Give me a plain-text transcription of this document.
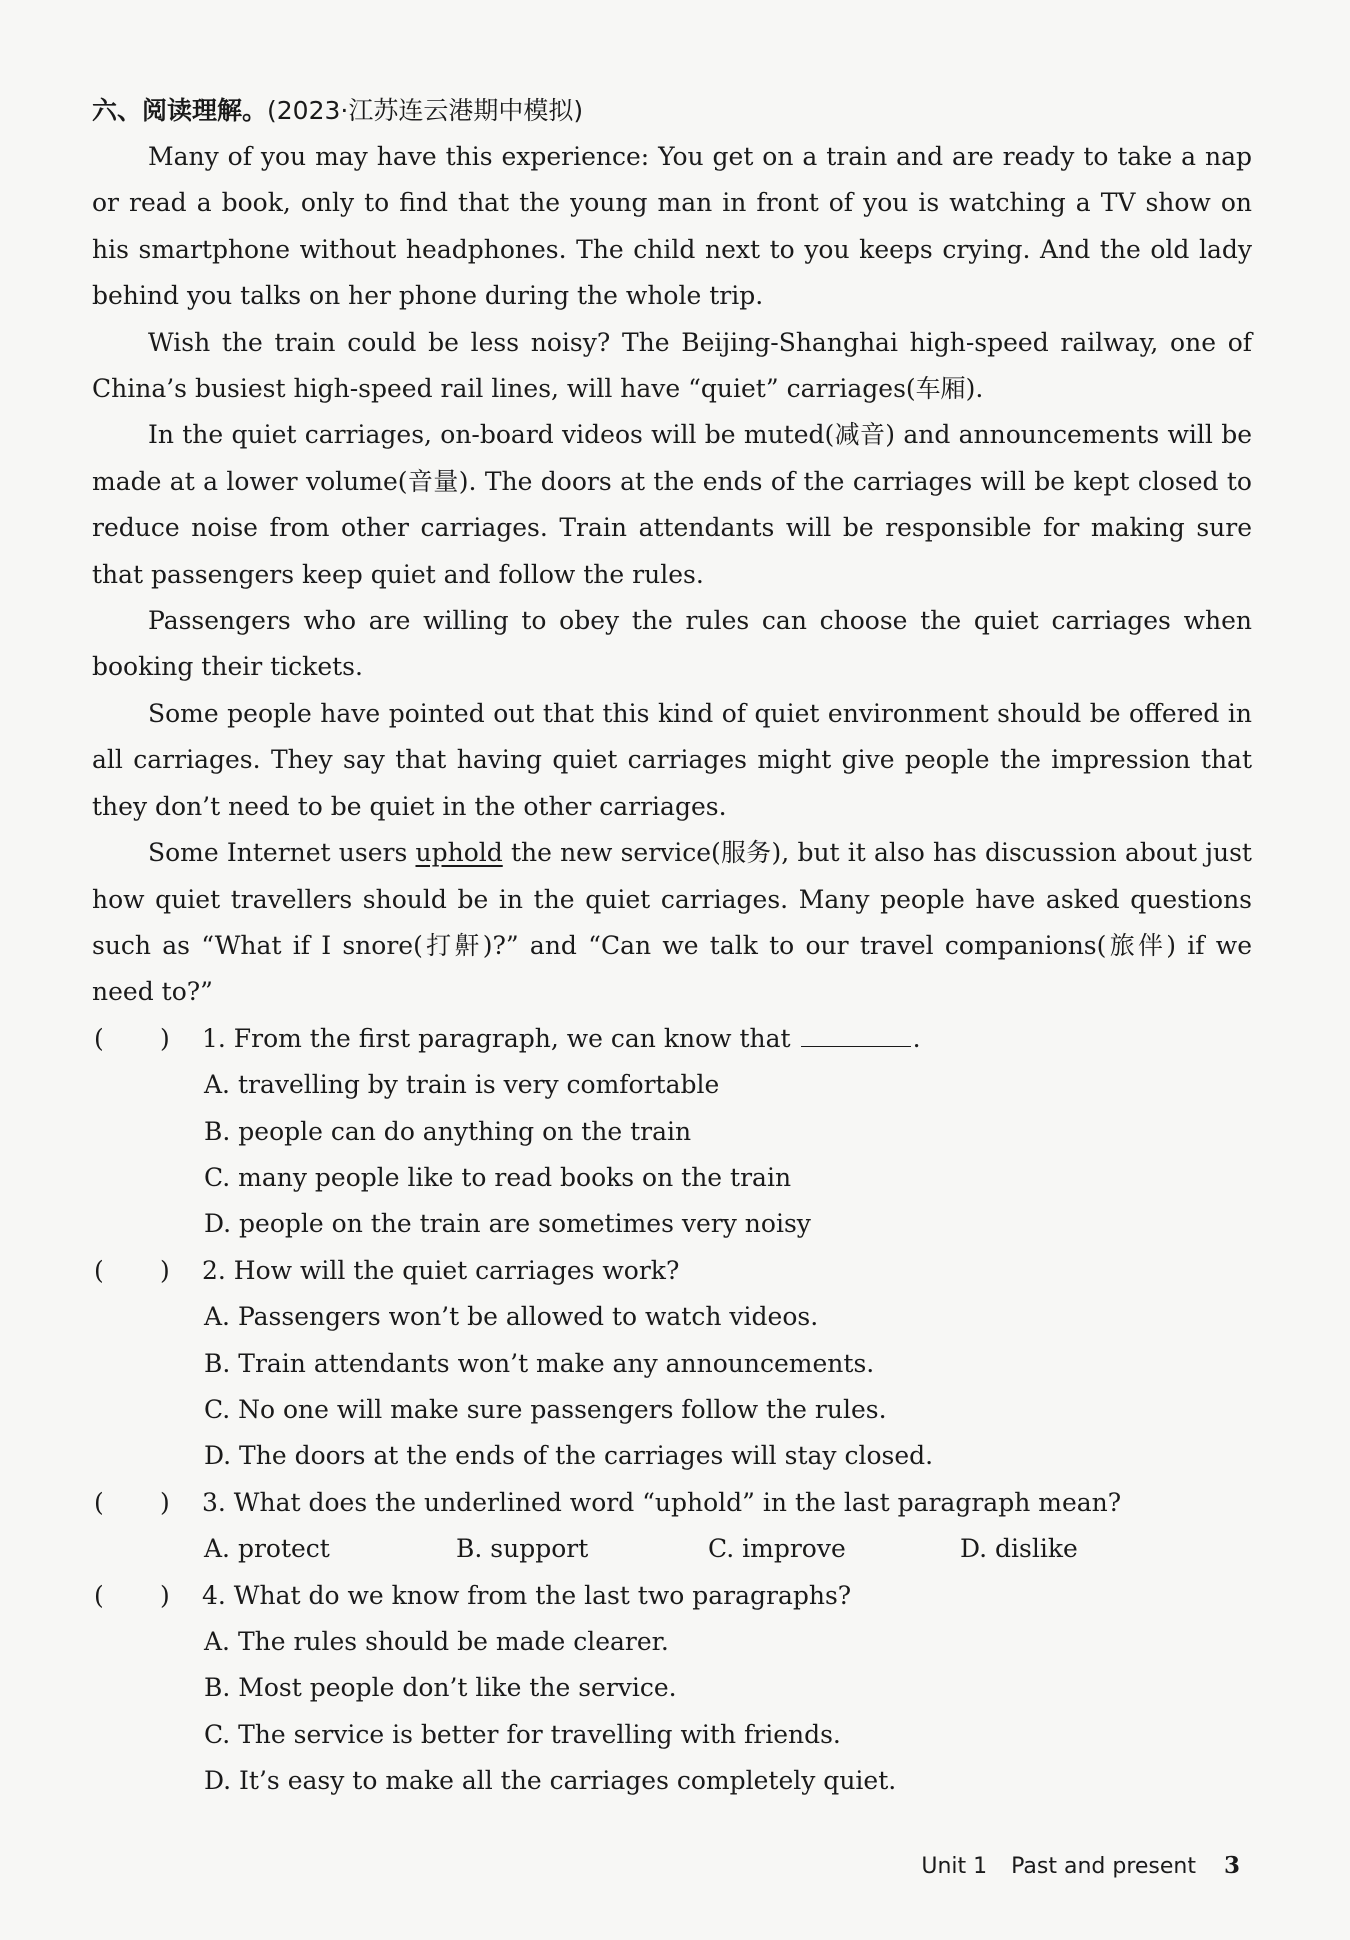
六、阅读理解。(2023·江苏连云港期中模拟)

Many of you may have this experience: You get on a train and are ready to take a nap or read a book, only to find that the young man in front of you is watching a TV show on his smartphone without headphones. The child next to you keeps crying. And the old lady behind you talks on her phone during the whole trip.

Wish the train could be less noisy? The Beijing-Shanghai high-speed railway, one of China’s busiest high-speed rail lines, will have “quiet” carriages(车厢).

In the quiet carriages, on-board videos will be muted(减音) and announcements will be made at a lower volume(音量). The doors at the ends of the carriages will be kept closed to reduce noise from other carriages. Train attendants will be responsible for making sure that passengers keep quiet and follow the rules.

Passengers who are willing to obey the rules can choose the quiet carriages when booking their tickets.

Some people have pointed out that this kind of quiet environment should be offered in all carriages. They say that having quiet carriages might give people the impression that they don’t need to be quiet in the other carriages.

Some Internet users uphold the new service(服务), but it also has discussion about just how quiet travellers should be in the quiet carriages. Many people have asked questions such as “What if I snore(打鼾)?” and “Can we talk to our travel companions(旅伴) if we need to?”

( ) 1. From the first paragraph, we can know that	.

A. travelling by train is very comfortable

B. people can do anything on the train

C. many people like to read books on the train

D. people on the train are sometimes very noisy

( ) 2. How will the quiet carriages work?

A. Passengers won’t be allowed to watch videos.

B. Train attendants won’t make any announcements.

C. No one will make sure passengers follow the rules.

D. The doors at the ends of the carriages will stay closed.

( ) 3. What does the underlined word “uphold” in the last paragraph mean?

A. protect	B. support	C. improve	D. dislike

( ) 4. What do we know from the last two paragraphs?

A. The rules should be made clearer.

B. Most people don’t like the service.

C. The service is better for travelling with friends.

D. It’s easy to make all the carriages completely quiet.

Unit 1 Past and present 3
